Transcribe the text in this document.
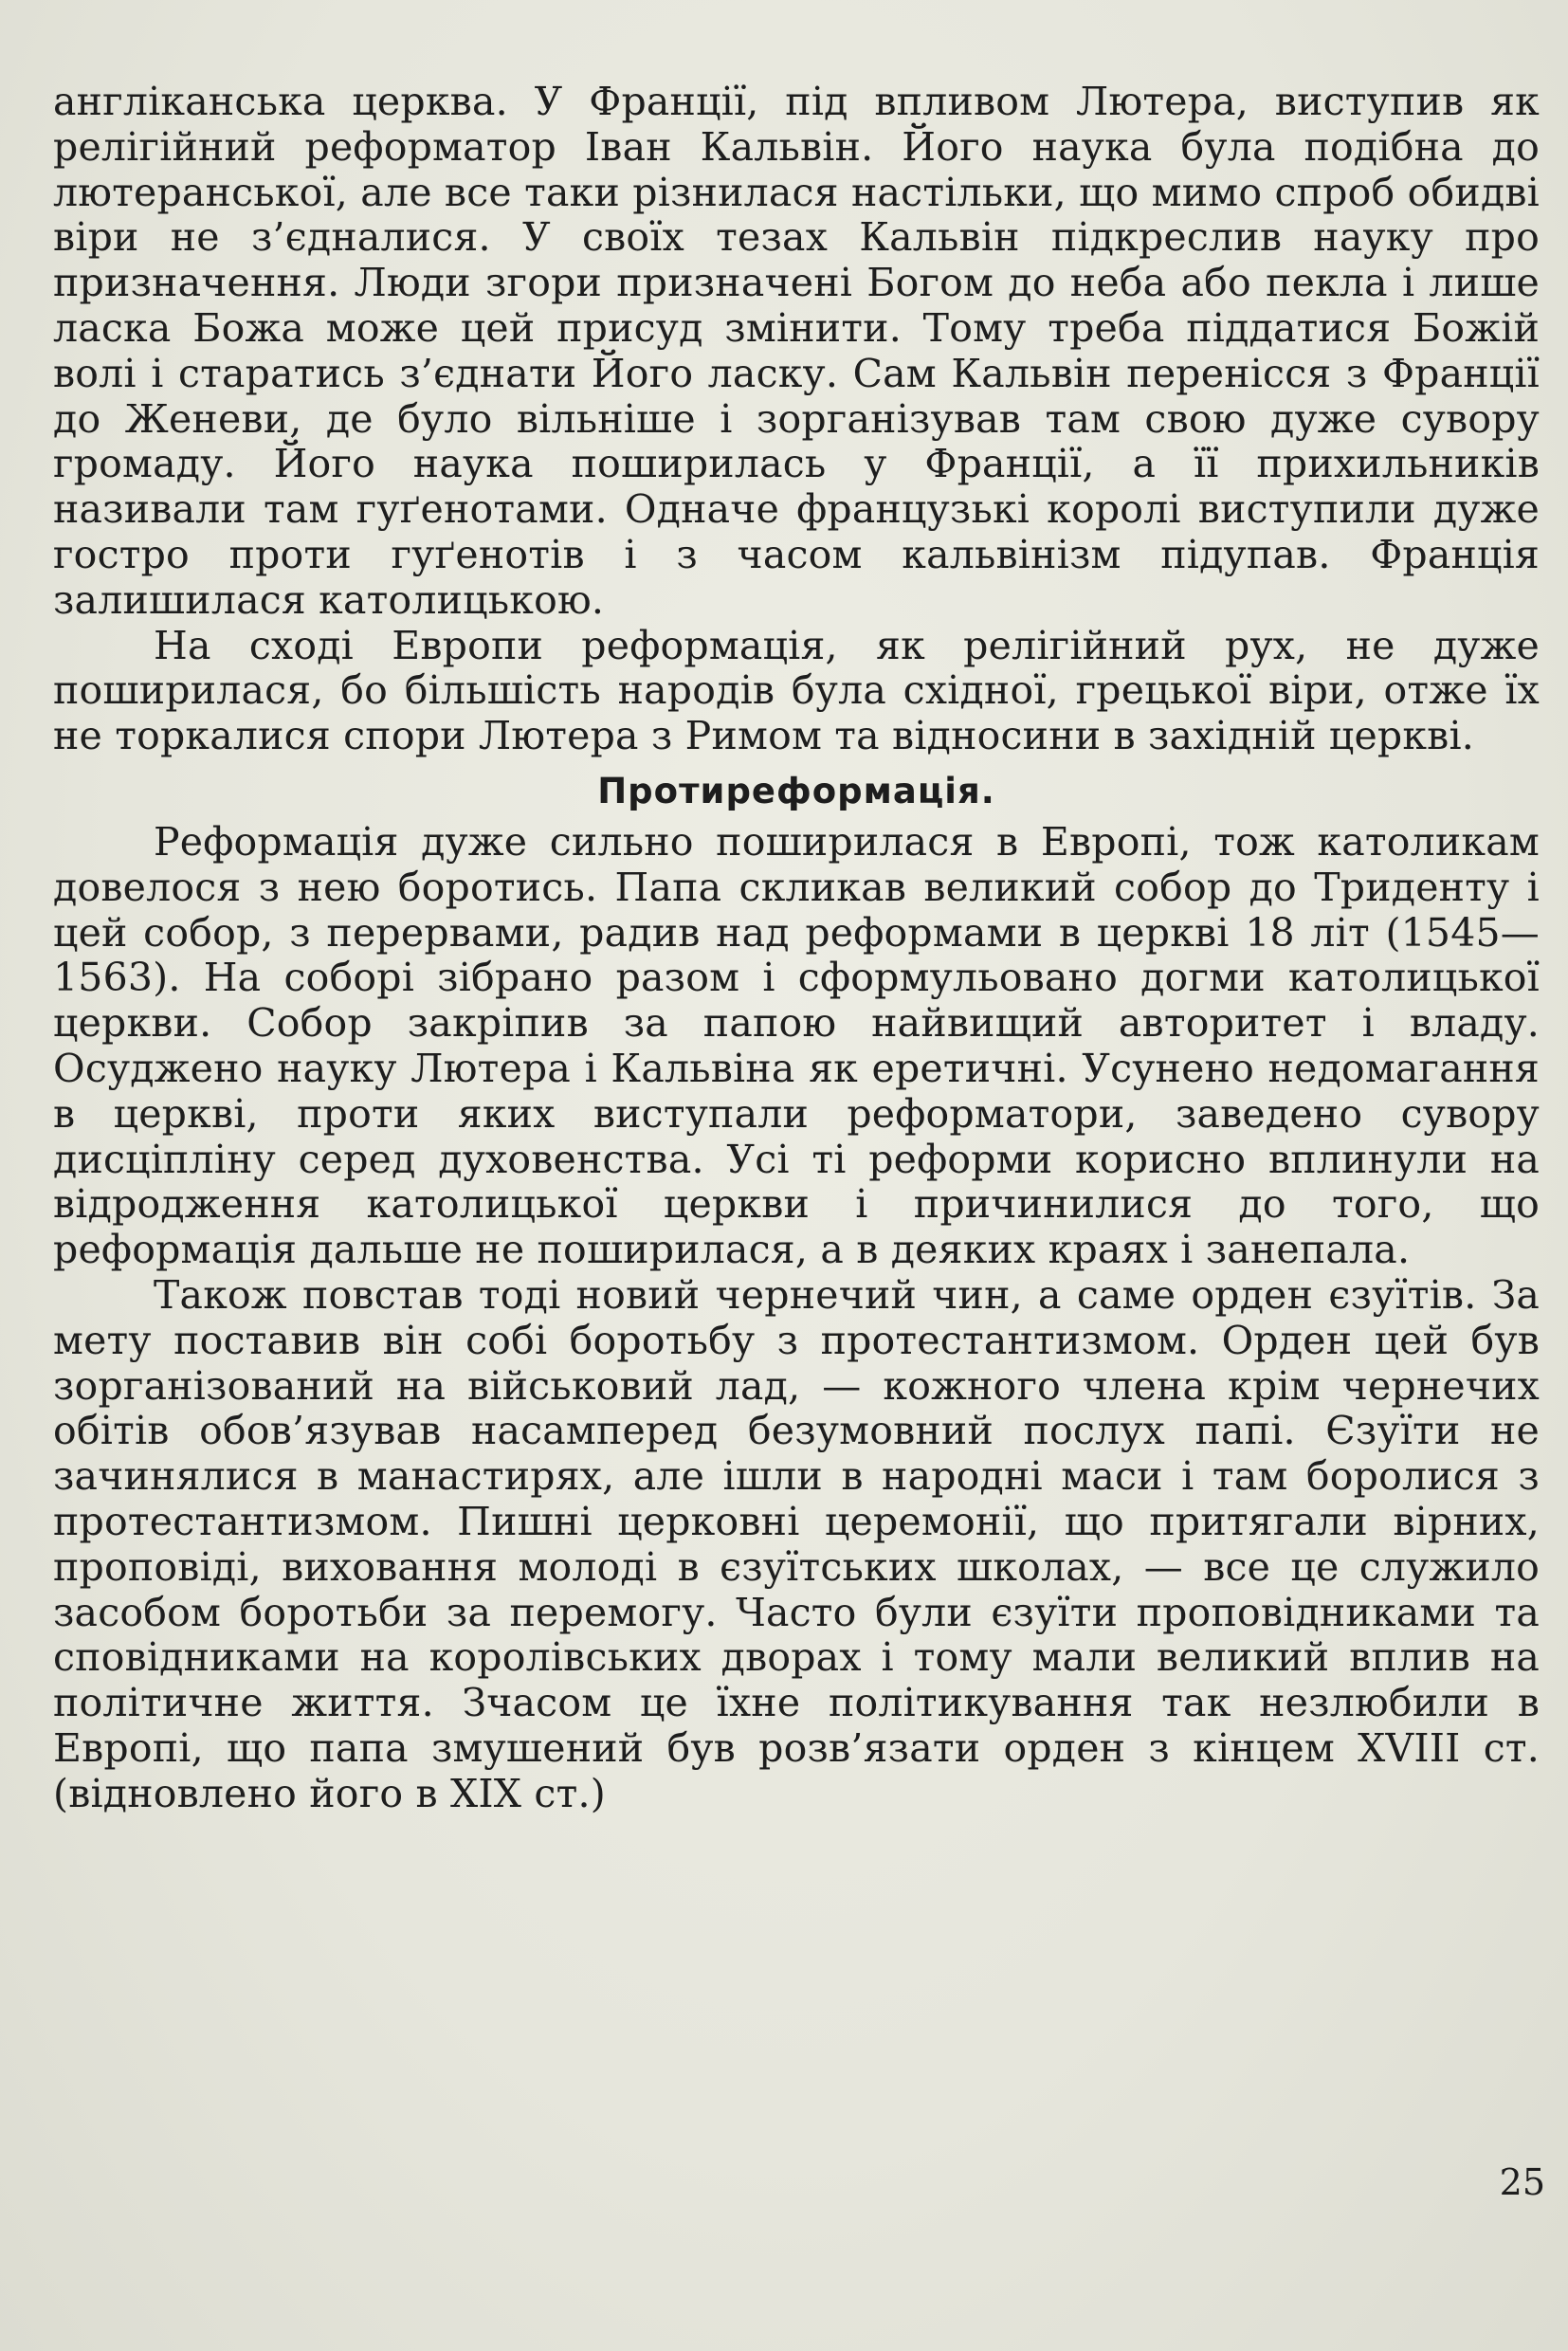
англіканська церква. У Франції, під впливом Лютера, виступив як релігійний реформатор Іван Кальвін. Його наука була подібна до лютеранської, але все таки різнилася настільки, що мимо спроб обидві віри не з’єдналися. У своїх тезах Кальвін підкреслив науку про призначення. Люди згори призначені Богом до неба або пекла і лише ласка Божа може цей присуд змінити. Тому треба піддатися Божій волі і старатись з’єднати Його ласку. Сам Кальвін перенісся з Франції до Женеви, де було вільніше і зорганізував там свою дуже сувору громаду. Його наука поширилась у Франції, а її прихильників називали там гуґенотами. Одначе французькі королі виступили дуже гостро проти гуґенотів і з часом кальвінізм підупав. Франція залишилася католицькою.

На сході Европи реформація, як релігійний рух, не дуже поширилася, бо більшість народів була східної, грецької віри, отже їх не торкалися спори Лютера з Римом та відносини в західній церкві.

Протиреформація.

Реформація дуже сильно поширилася в Европі, тож католикам довелося з нею боротись. Папа скликав великий собор до Триденту і цей собор, з перервами, радив над реформами в церкві 18 літ (1545—1563). На соборі зібрано разом і сформульовано догми католицької церкви. Собор закріпив за папою найвищий авторитет і владу. Осуджено науку Лютера і Кальвіна як еретичні. Усунено недомагання в церкві, проти яких виступали реформатори, заведено сувору дисціпліну серед духовенства. Усі ті реформи корисно вплинули на відродження католицької церкви і причинилися до того, що реформація дальше не поширилася, а в деяких краях і занепала.

Також повстав тоді новий чернечий чин, а саме орден єзуїтів. За мету поставив він собі боротьбу з протестантизмом. Орден цей був зорганізований на військовий лад, — кожного члена крім чернечих обітів обов’язував насамперед безумовний послух папі. Єзуїти не зачинялися в манастирях, але ішли в народні маси і там боролися з протестантизмом. Пишні церковні церемонії, що притягали вірних, проповіді, виховання молоді в єзуїтських школах, — все це служило засобом боротьби за перемогу. Часто були єзуїти проповідниками та сповідниками на королівських дворах і тому мали великий вплив на політичне життя. Зчасом це їхне політикування так незлюбили в Европі, що папа змушений був розв’язати орден з кінцем XVIII ст. (відновлено його в XIX ст.)

25
